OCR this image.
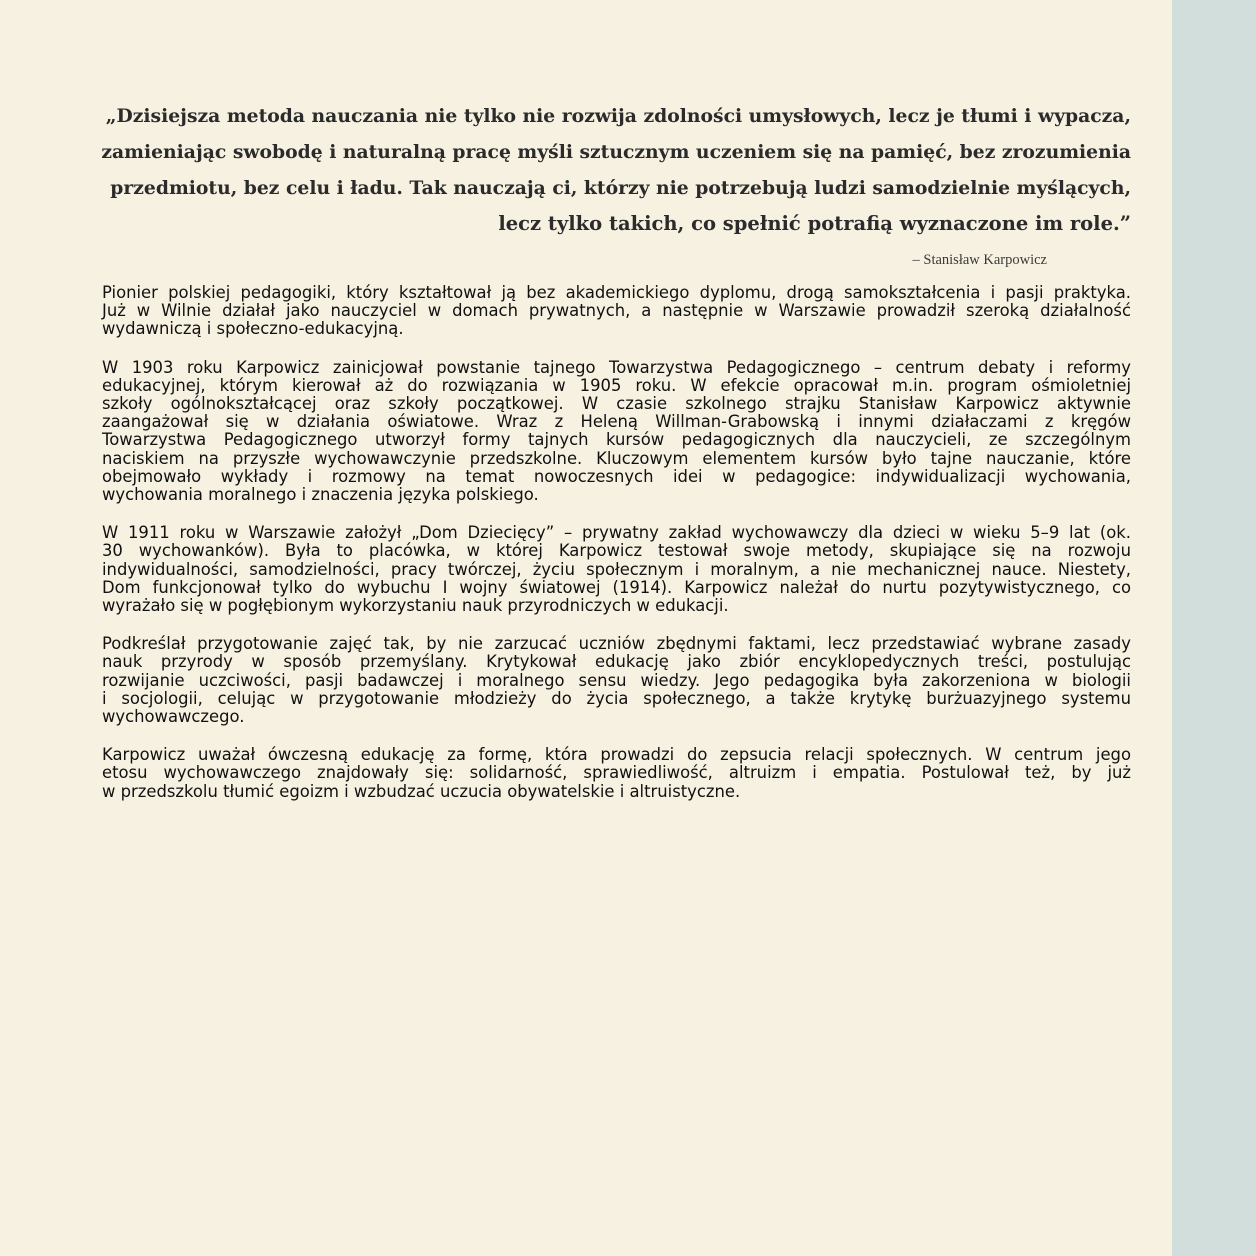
„Dzisiejsza metoda nauczania nie tylko nie rozwija zdolności umysłowych, lecz je tłumi i wypacza,
zamieniając swobodę i naturalną pracę myśli sztucznym uczeniem się na pamięć, bez zrozumienia
przedmiotu, bez celu i ładu. Tak nauczają ci, którzy nie potrzebują ludzi samodzielnie myślących,
lecz tylko takich, co spełnić potrafią wyznaczone im role.”

– Stanisław Karpowicz

Pionier polskiej pedagogiki, który kształtował ją bez akademickiego dyplomu, drogą samokształcenia i pasji praktyka.
Już w Wilnie działał jako nauczyciel w domach prywatnych, a następnie w Warszawie prowadził szeroką działalność
wydawniczą i społeczno-edukacyjną.

W 1903 roku Karpowicz zainicjował powstanie tajnego Towarzystwa Pedagogicznego – centrum debaty i reformy
edukacyjnej, którym kierował aż do rozwiązania w 1905 roku. W efekcie opracował m.in. program ośmioletniej
szkoły ogólnokształcącej oraz szkoły początkowej. W czasie szkolnego strajku Stanisław Karpowicz aktywnie
zaangażował się w działania oświatowe. Wraz z Heleną Willman-Grabowską i innymi działaczami z kręgów
Towarzystwa Pedagogicznego utworzył formy tajnych kursów pedagogicznych dla nauczycieli, ze szczególnym
naciskiem na przyszłe wychowawczynie przedszkolne. Kluczowym elementem kursów było tajne nauczanie, które
obejmowało wykłady i rozmowy na temat nowoczesnych idei w pedagogice: indywidualizacji wychowania,
wychowania moralnego i znaczenia języka polskiego.

W 1911 roku w Warszawie założył „Dom Dziecięcy” – prywatny zakład wychowawczy dla dzieci w wieku 5–9 lat (ok.
30 wychowanków). Była to placówka, w której Karpowicz testował swoje metody, skupiające się na rozwoju
indywidualności, samodzielności, pracy twórczej, życiu społecznym i moralnym, a nie mechanicznej nauce. Niestety,
Dom funkcjonował tylko do wybuchu I wojny światowej (1914). Karpowicz należał do nurtu pozytywistycznego, co
wyrażało się w pogłębionym wykorzystaniu nauk przyrodniczych w edukacji.

Podkreślał przygotowanie zajęć tak, by nie zarzucać uczniów zbędnymi faktami, lecz przedstawiać wybrane zasady
nauk przyrody w sposób przemyślany. Krytykował edukację jako zbiór encyklopedycznych treści, postulując
rozwijanie uczciwości, pasji badawczej i moralnego sensu wiedzy. Jego pedagogika była zakorzeniona w biologii
i socjologii, celując w przygotowanie młodzieży do życia społecznego, a także krytykę burżuazyjnego systemu
wychowawczego.

Karpowicz uważał ówczesną edukację za formę, która prowadzi do zepsucia relacji społecznych. W centrum jego
etosu wychowawczego znajdowały się: solidarność, sprawiedliwość, altruizm i empatia. Postulował też, by już
w przedszkolu tłumić egoizm i wzbudzać uczucia obywatelskie i altruistyczne.
